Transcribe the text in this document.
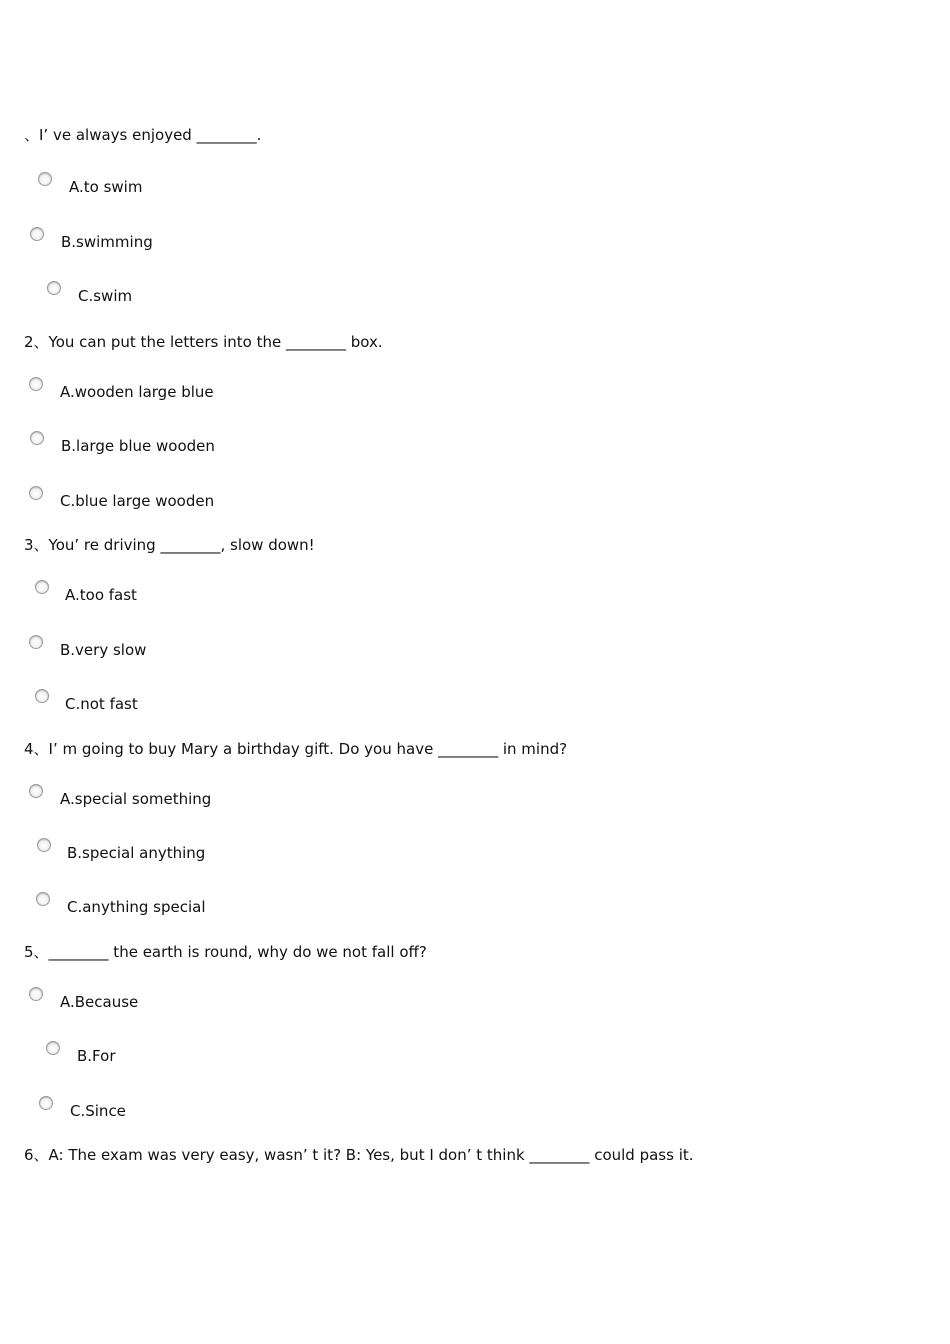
、I’ ve always enjoyed ________.
A.to swim
B.swimming
C.swim
2、You can put the letters into the ________ box.
A.wooden large blue
B.large blue wooden
C.blue large wooden
3、You’ re driving ________, slow down!
A.too fast
B.very slow
C.not fast
4、I’ m going to buy Mary a birthday gift. Do you have ________ in mind?
A.special something
B.special anything
C.anything special
5、________ the earth is round, why do we not fall off?
A.Because
B.For
C.Since
6、A: The exam was very easy, wasn’ t it? B: Yes, but I don’ t think ________ could pass it.
